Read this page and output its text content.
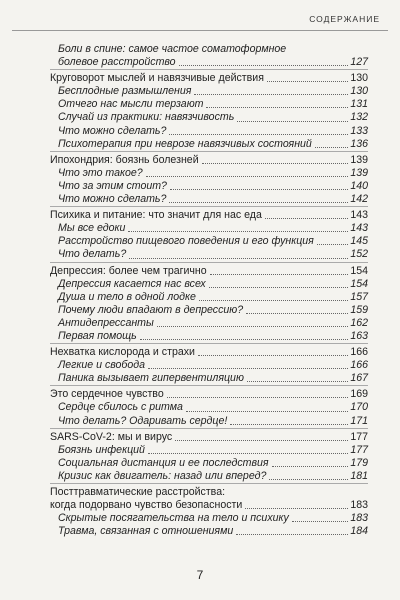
СОДЕРЖАНИЕ
Боли в спине: самое частое соматоформное
болевое расстройство	127
Круговорот мыслей и навязчивые действия	130
Бесплодные размышления	130
Отчего нас мысли терзают	131
Случай из практики: навязчивость	132
Что можно сделать?	133
Психотерапия при неврозе навязчивых состояний	136
Ипохондрия: боязнь болезней	139
Что это такое?	139
Что за этим стоит?	140
Что можно сделать?	142
Психика и питание: что значит для нас еда	143
Мы все едоки	143
Расстройство пищевого поведения и его функция	145
Что делать?	152
Депрессия: более чем трагично	154
Депрессия касается нас всех	154
Душа и тело в одной лодке	157
Почему люди впадают в депрессию?	159
Антидепрессанты	162
Первая помощь	163
Нехватка кислорода и страхи	166
Легкие и свобода	166
Паника вызывает гипервентиляцию	167
Это сердечное чувство	169
Сердце сбилось с ритма	170
Что делать? Одаривать сердце!	171
SARS-CoV-2: мы и вирус	177
Боязнь инфекций	177
Социальная дистанция и ее последствия	179
Кризис как двигатель: назад или вперед?	181
Посттравматические расстройства:
когда подорвано чувство безопасности	183
Скрытые посягательства на тело и психику	183
Травма, связанная с отношениями	184
7
